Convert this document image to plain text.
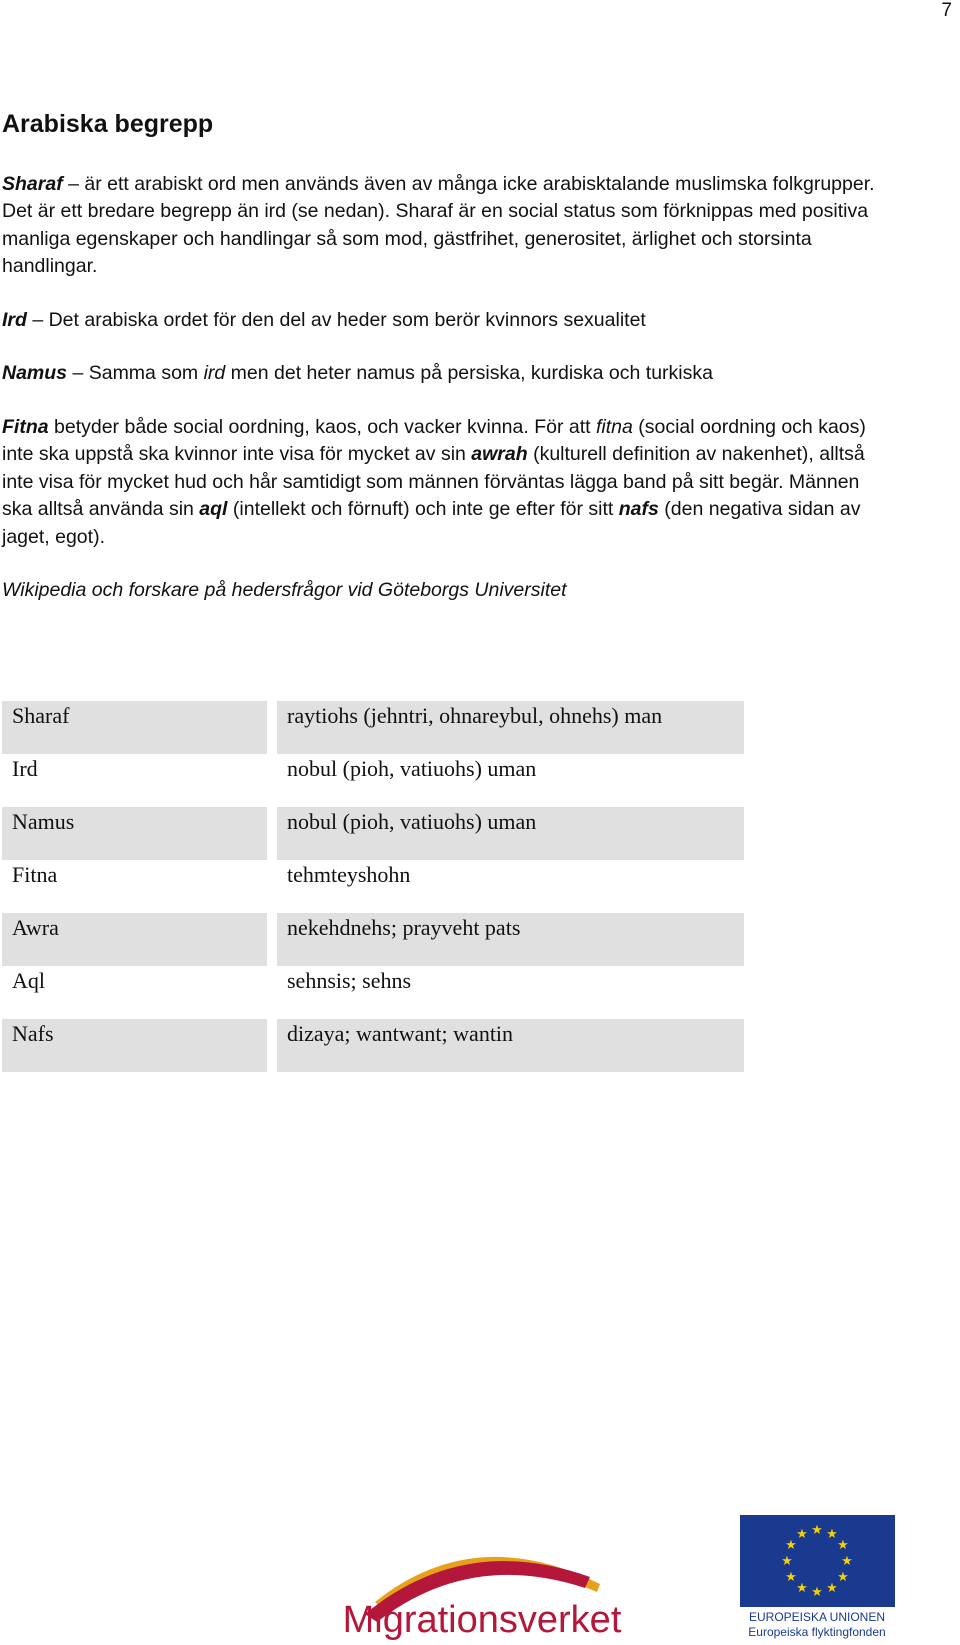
7
Arabiska begrepp

Sharaf – är ett arabiskt ord men används även av många icke arabisktalande muslimska folkgrupper. Det är ett bredare begrepp än ird (se nedan). Sharaf är en social status som förknippas med positiva manliga egenskaper och handlingar så som mod, gästfrihet, generositet, ärlighet och storsinta handlingar.

Ird – Det arabiska ordet för den del av heder som berör kvinnors sexualitet

Namus – Samma som ird men det heter namus på persiska, kurdiska och turkiska

Fitna betyder både social oordning, kaos, och vacker kvinna. För att fitna (social oordning och kaos) inte ska uppstå ska kvinnor inte visa för mycket av sin awrah (kulturell definition av nakenhet), alltså inte visa för mycket hud och hår samtidigt som männen förväntas lägga band på sitt begär. Männen ska alltså använda sin aql (intellekt och förnuft) och inte ge efter för sitt nafs (den negativa sidan av jaget, egot).

Wikipedia och forskare på hedersfrågor vid Göteborgs Universitet

Sharaf		raytiohs (jehntri, ohnareybul, ohnehs) man
Ird		nobul (pioh, vatiuohs) uman
Namus		nobul (pioh, vatiuohs) uman
Fitna		tehmteyshohn
Awra		nekehdnehs; prayveht pats
Aql		sehnsis; sehns
Nafs		dizaya; wantwant; wantin
Migrationsverket
★ ★
★
★
★
★
★
★
★
★
★
★
EUROPEISKA UNIONEN
Europeiska flyktingfonden
